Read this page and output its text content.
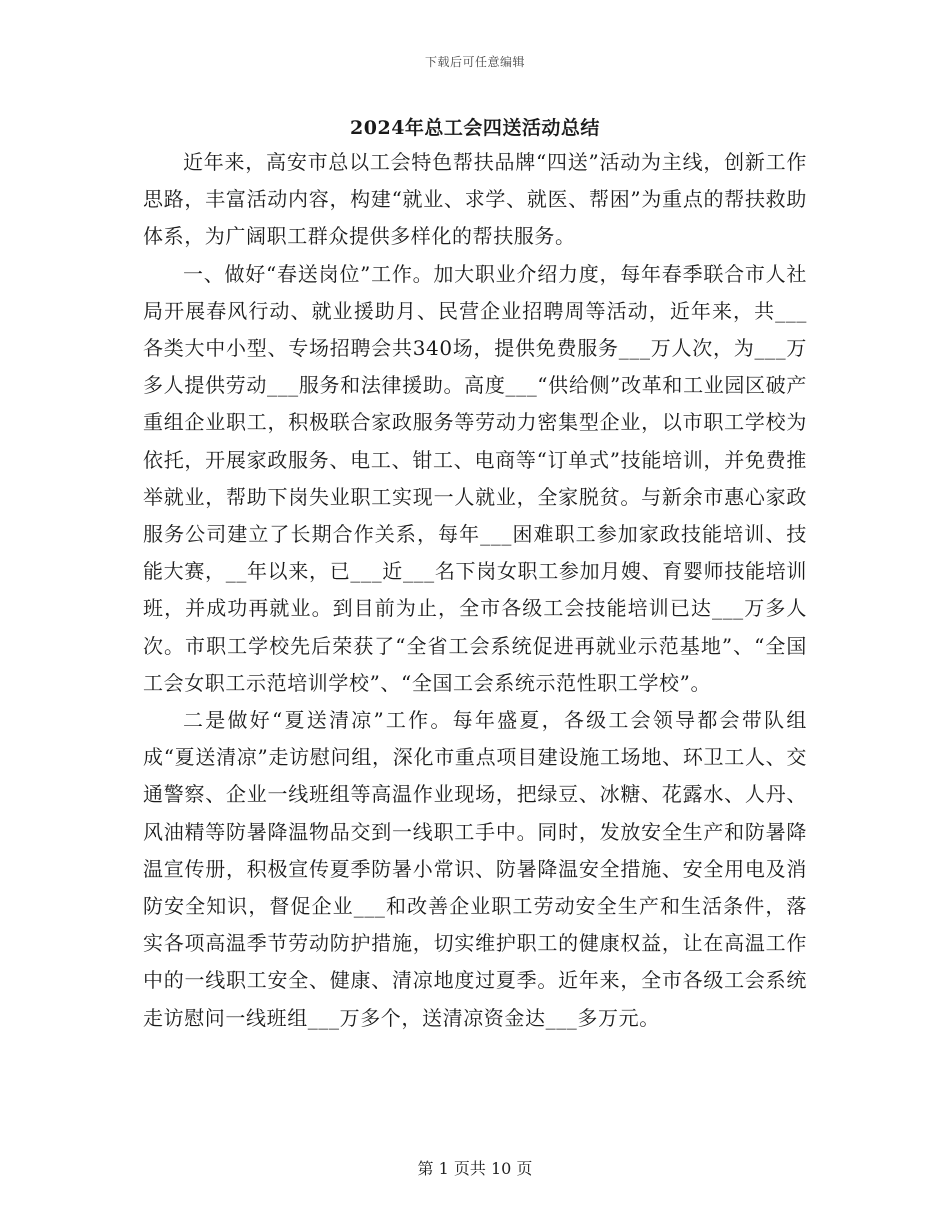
下载后可任意编辑
2024年总工会四送活动总结

近年来，高安市总以工会特色帮扶品牌“四送”活动为主线，创新工作思路，丰富活动内容，构建“就业、求学、就医、帮困”为重点的帮扶救助体系，为广阔职工群众提供多样化的帮扶服务。

一、做好“春送岗位”工作。加大职业介绍力度，每年春季联合市人社局开展春风行动、就业援助月、民营企业招聘周等活动，近年来，共___各类大中小型、专场招聘会共340场，提供免费服务___万人次，为___万多人提供劳动___服务和法律援助。高度___“供给侧”改革和工业园区破产重组企业职工，积极联合家政服务等劳动力密集型企业，以市职工学校为依托，开展家政服务、电工、钳工、电商等“订单式”技能培训，并免费推举就业，帮助下岗失业职工实现一人就业，全家脱贫。与新余市惠心家政服务公司建立了长期合作关系，每年___困难职工参加家政技能培训、技能大赛，__年以来，已___近___名下岗女职工参加月嫂、育婴师技能培训班，并成功再就业。到目前为止，全市各级工会技能培训已达___万多人次。市职工学校先后荣获了“全省工会系统促进再就业示范基地”、“全国工会女职工示范培训学校”、“全国工会系统示范性职工学校”。

二是做好“夏送清凉”工作。每年盛夏，各级工会领导都会带队组成“夏送清凉”走访慰问组，深化市重点项目建设施工场地、环卫工人、交通警察、企业一线班组等高温作业现场，把绿豆、冰糖、花露水、人丹、风油精等防暑降温物品交到一线职工手中。同时，发放安全生产和防暑降温宣传册，积极宣传夏季防暑小常识、防暑降温安全措施、安全用电及消防安全知识，督促企业___和改善企业职工劳动安全生产和生活条件，落实各项高温季节劳动防护措施，切实维护职工的健康权益，让在高温工作中的一线职工安全、健康、清凉地度过夏季。近年来，全市各级工会系统走访慰问一线班组___万多个，送清凉资金达___多万元。

第 1 页共 10 页
